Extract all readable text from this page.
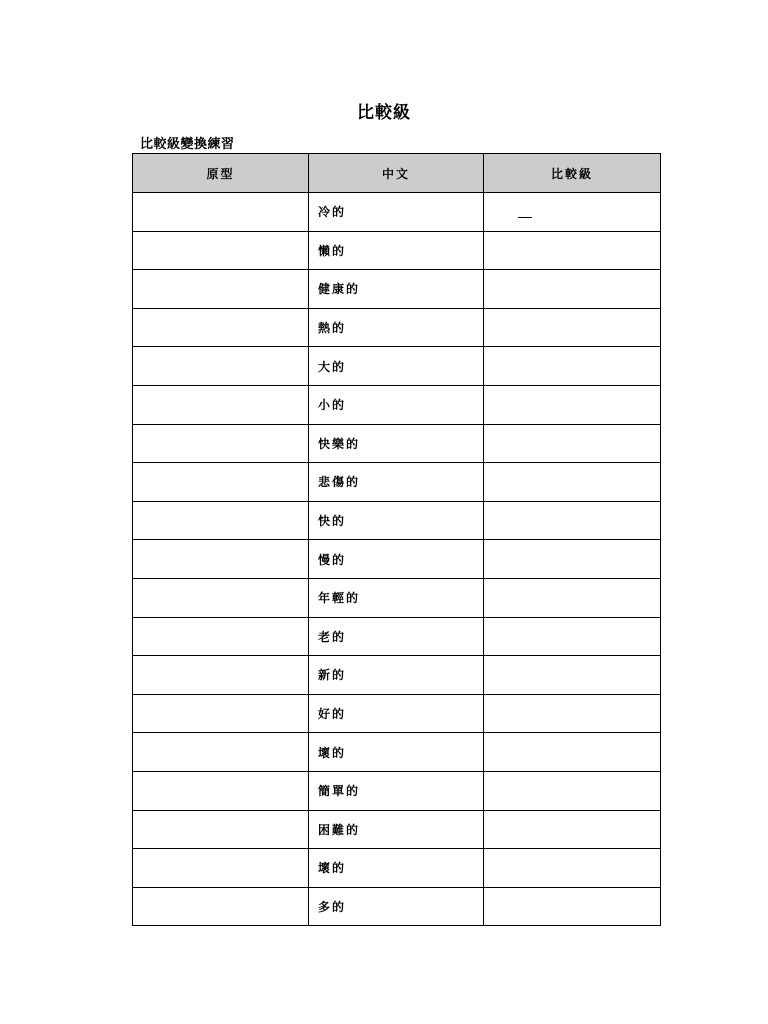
比較級
比較級變換練習
原型	中文	比較級
	冷的	
	懶的	
	健康的	
	熱的	
	大的	
	小的	
	快樂的	
	悲傷的	
	快的	
	慢的	
	年輕的	
	老的	
	新的	
	好的	
	壞的	
	簡單的	
	困難的	
	壞的	
	多的	
